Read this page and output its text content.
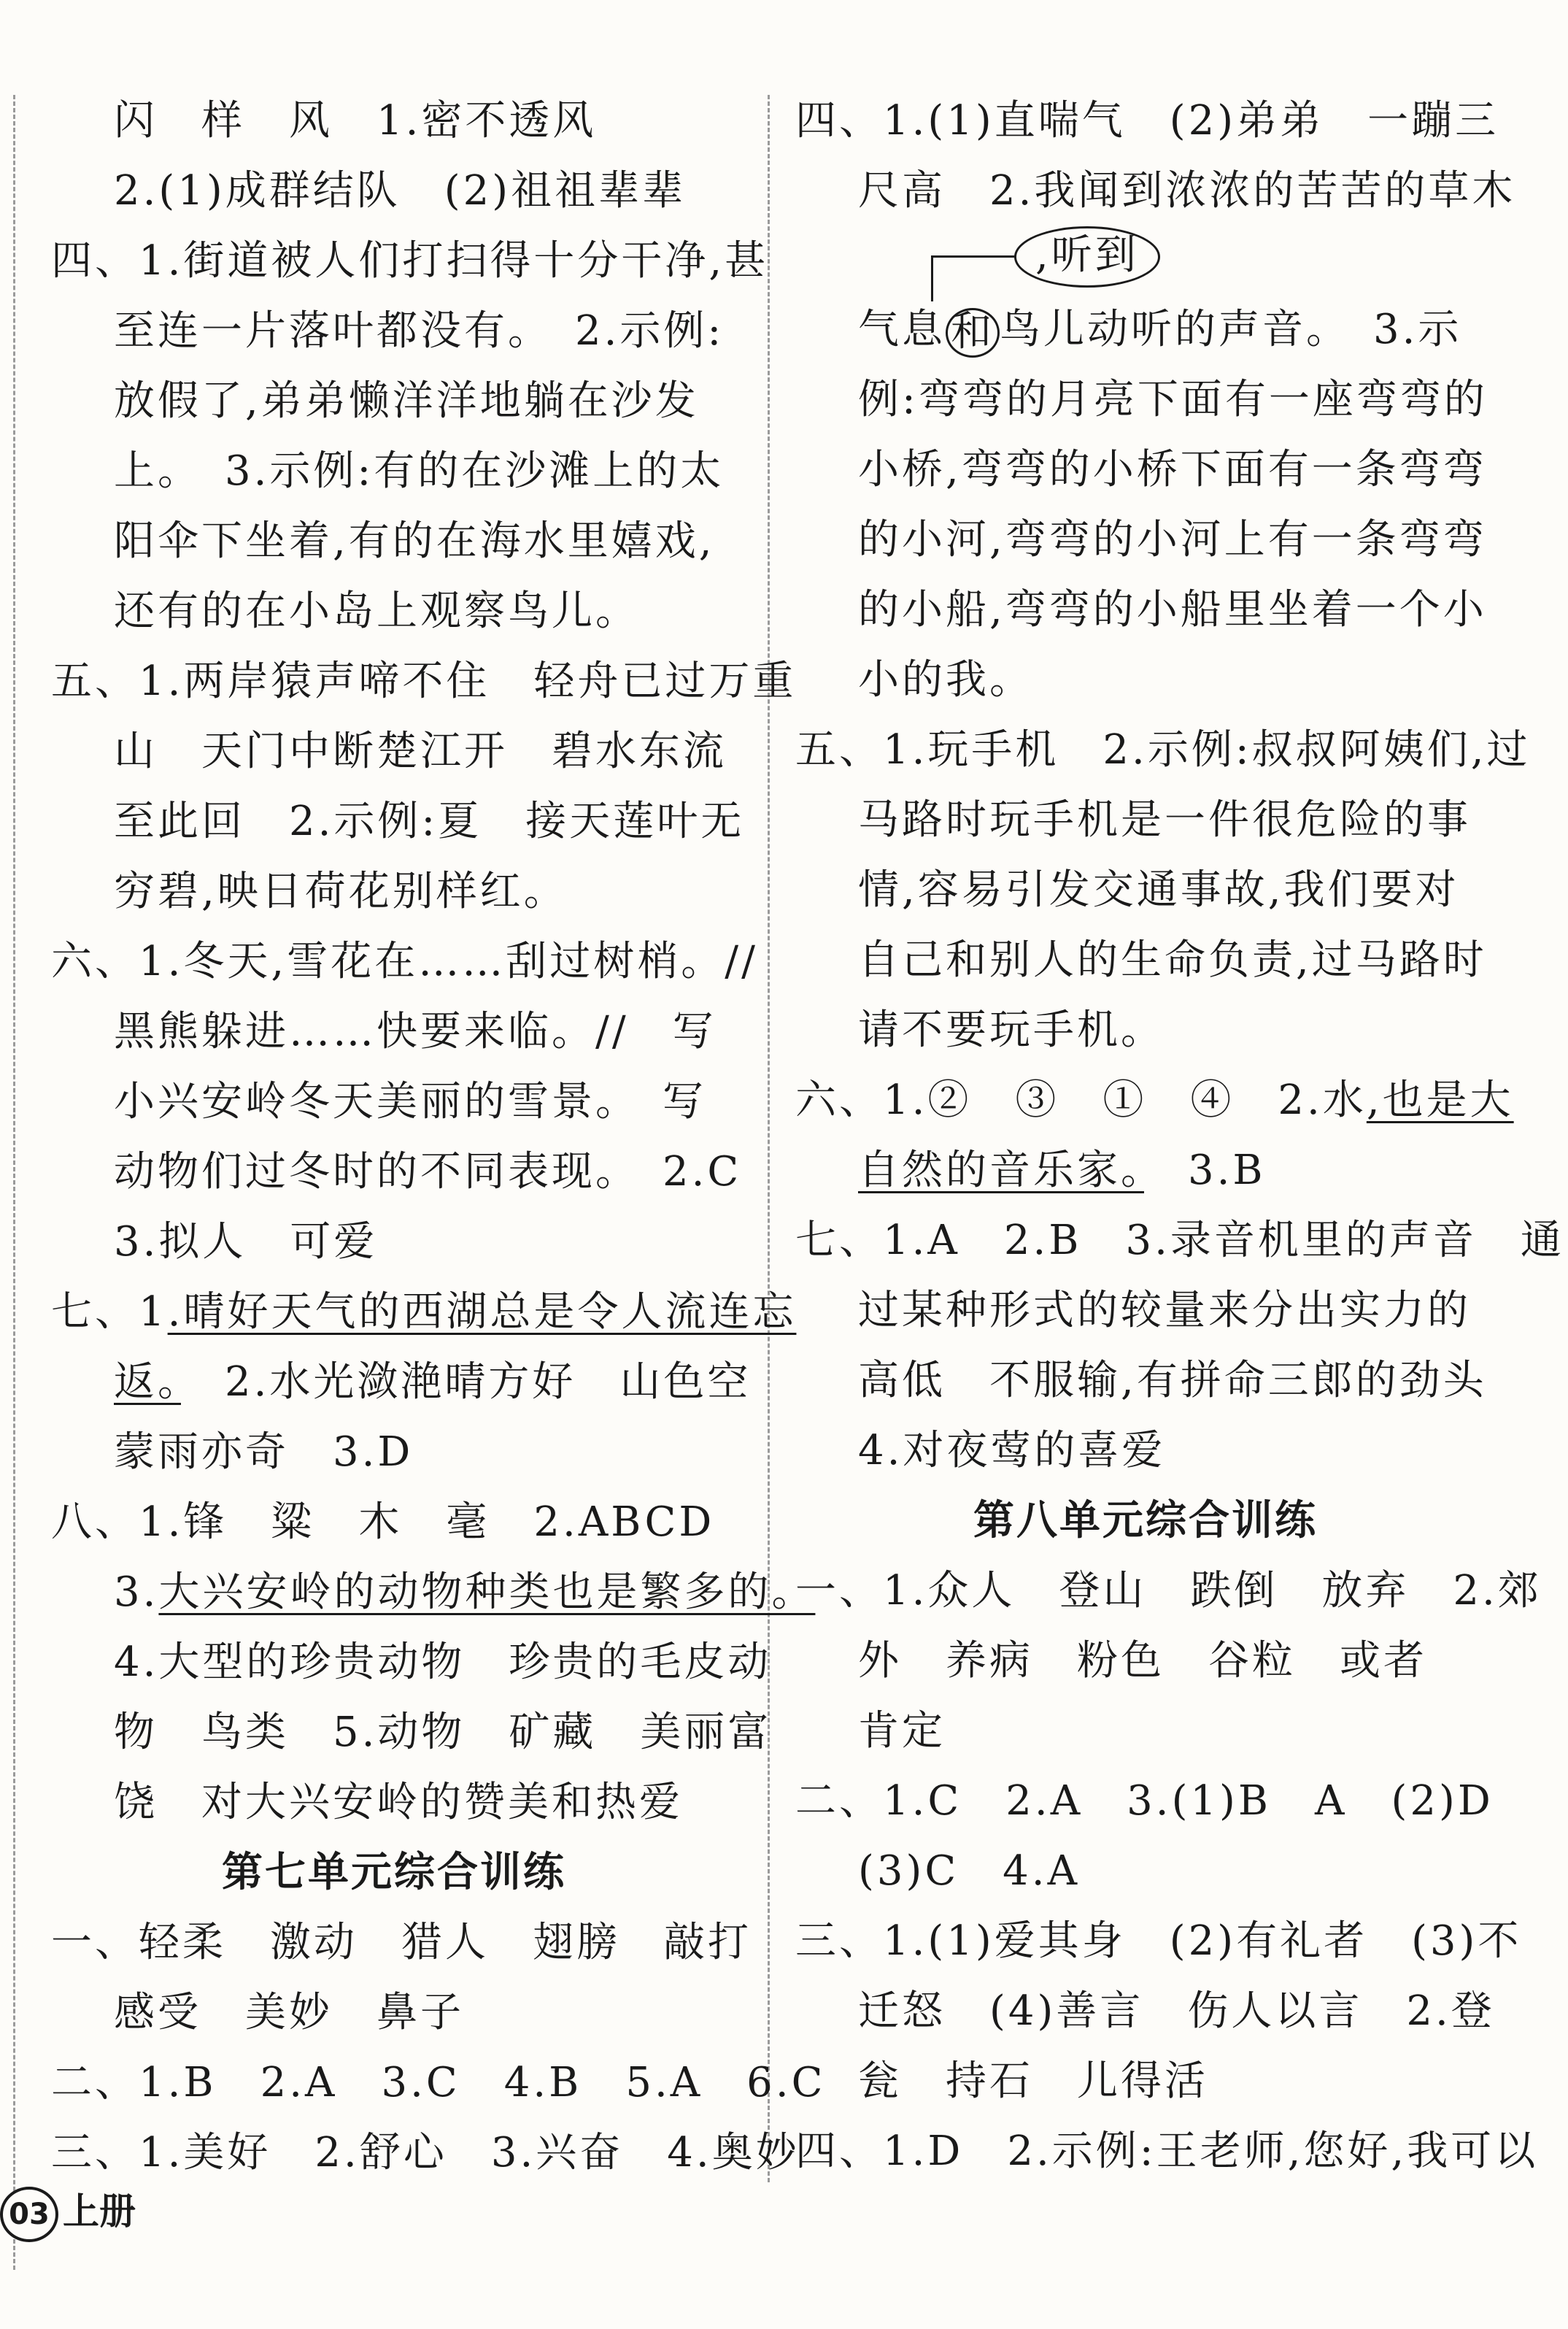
闪　样　风　1.密不透风
2.(1)成群结队　(2)祖祖辈辈
四、1.街道被人们打扫得十分干净,甚
至连一片落叶都没有。　2.示例:
放假了,弟弟懒洋洋地躺在沙发
上。　3.示例:有的在沙滩上的太
阳伞下坐着,有的在海水里嬉戏,
还有的在小岛上观察鸟儿。
五、1.两岸猿声啼不住　轻舟已过万重
山　天门中断楚江开　碧水东流
至此回　2.示例:夏　接天莲叶无
穷碧,映日荷花别样红。
六、1.冬天,雪花在……刮过树梢。//
黑熊躲进……快要来临。//　写
小兴安岭冬天美丽的雪景。　写
动物们过冬时的不同表现。　2.C
3.拟人　可爱
七、1.晴好天气的西湖总是令人流连忘
返。　2.水光潋滟晴方好　山色空
蒙雨亦奇　3.D
八、1.锋　粱　木　毫　2.ABCD
3.大兴安岭的动物种类也是繁多的。
4.大型的珍贵动物　珍贵的毛皮动
物　鸟类　5.动物　矿藏　美丽富
饶　对大兴安岭的赞美和热爱
第七单元综合训练
一、轻柔　激动　猎人　翅膀　敲打
感受　美妙　鼻子
二、1.B　2.A　3.C　4.B　5.A　6.C
三、1.美好　2.舒心　3.兴奋　4.奥妙
四、1.(1)直喘气　(2)弟弟　一蹦三
尺高　2.我闻到浓浓的苦苦的草木
,听到
气息 和 鸟儿动听的声音。　3.示
例:弯弯的月亮下面有一座弯弯的
小桥,弯弯的小桥下面有一条弯弯
的小河,弯弯的小河上有一条弯弯
的小船,弯弯的小船里坐着一个小
小的我。
五、1.玩手机　2.示例:叔叔阿姨们,过
马路时玩手机是一件很危险的事
情,容易引发交通事故,我们要对
自己和别人的生命负责,过马路时
请不要玩手机。
六、1.②　③　①　④　2.水,也是大
自然的音乐家。　3.B
七、1.A　2.B　3.录音机里的声音　通
过某种形式的较量来分出实力的
高低　不服输,有拼命三郎的劲头
4.对夜莺的喜爱
第八单元综合训练
一、1.众人　登山　跌倒　放弃　2.郊
外　养病　粉色　谷粒　或者
肯定
二、1.C　2.A　3.(1)B　A　(2)D
(3)C　4.A
三、1.(1)爱其身　(2)有礼者　(3)不
迁怒　(4)善言　伤人以言　2.登
瓮　持石　儿得活
四、1.D　2.示例:王老师,您好,我可以
03 上册
